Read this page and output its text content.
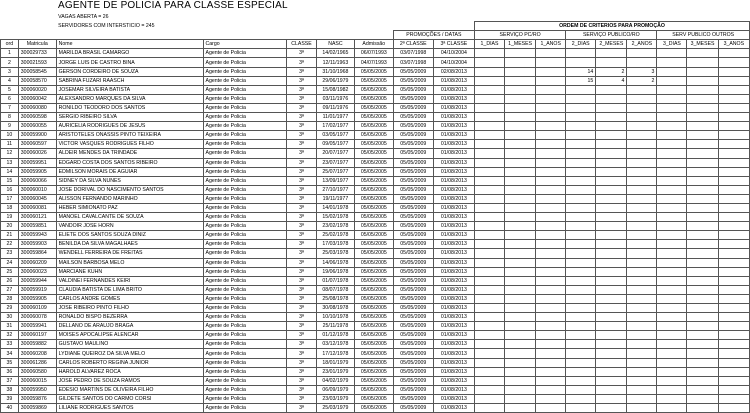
AGENTE DE POLICIA PARA CLASSE ESPECIAL
		VAGAS ABERTA = 26															
		SERVIDORES COM INTERSTICIO = 245							ORDEM DE CRITERIOS PARA PROMOÇÃO								
							PROMOÇÕES / DATAS		SERVIÇO PC/RO			SERVIÇO PUBLICO/RO			SERV PUBLICO OUTROS		
ord	Matricula	Nome	Cargo	CLASSE	NASC	Admissão	2ª CLASSE	3ª CLASSE	1_DIAS	1_MESES	1_ANOS	2_DIAS	2_MESES	2_ANOS	3_DIAS	3_MESES	3_ANOS
1	300029733	MARILDA BRASIL CAMARGO	Agente de Policia	3ª	14/02/1965	06/07/1993	03/07/1998	04/10/2004									
2	300021593	JORGE LUIS DE CASTRO BINA	Agente de Policia	3ª	12/11/1963	04/07/1993	03/07/1998	04/10/2004									
3	300058545	GERSON CORDEIRO DE SOUZA	Agente de Policia	3ª	31/10/1968	05/05/2005	05/05/2009	02/08/2013				14	2	3			
4	300058570	SABRINA FUZARI RAASCH	Agente de Policia	3ª	29/06/1979	05/05/2005	05/05/2009	01/08/2013				15	4	2			
5	300060020	JOSEMAR SILVEIRA BATISTA	Agente de Policia	3ª	15/08/1982	05/05/2005	05/05/2009	01/08/2013									
6	300060042	ALEXSANDRO MARQUES DA SILVA	Agente de Policia	3ª	03/11/1976	05/05/2005	05/05/2009	01/08/2013									
7	300060080	RONILDO TEODORO DOS SANTOS	Agente de Policia	3ª	09/11/1976	05/05/2005	05/05/2009	01/08/2013									
8	300060598	SERGIO RIBEIRO SILVA	Agente de Policia	3ª	11/01/1977	05/05/2005	05/05/2009	01/08/2013									
9	300060055	AURICELIA RODRIGUES DE JESUS	Agente de Policia	3ª	17/02/1977	05/05/2005	05/05/2009	01/08/2013									
10	300059900	ARISTOTELES ONASSIS PINTO TEIXEIRA	Agente de Policia	3ª	03/05/1977	05/05/2005	05/05/2009	01/08/2013									
11	300060597	VICTOR VASQUES RODRIGUES FILHO	Agente de Policia	3ª	09/05/1977	05/05/2005	05/05/2009	01/08/2013									
12	300060026	ALDEIR MENDES DA TRINDADE	Agente de Policia	3ª	20/07/1977	05/05/2005	05/05/2009	01/08/2013									
13	300059951	EDGARD COSTA DOS SANTOS RIBEIRO	Agente de Policia	3ª	23/07/1977	05/05/2005	05/05/2009	01/08/2013									
14	300059905	EDMILSON MORAIS DE AGUIAR	Agente de Policia	3ª	25/07/1977	05/05/2005	05/05/2009	01/08/2013									
15	300060066	SIDNEY DA SILVA NUNES	Agente de Policia	3ª	13/09/1977	05/05/2005	05/05/2009	01/08/2013									
16	300060010	JOSE DORIVAL DO NASCIMENTO SANTOS	Agente de Policia	3ª	27/10/1977	05/05/2005	05/05/2009	01/08/2013									
17	300060045	ALISSON FERNANDO MARINHO	Agente de Policia	3ª	19/11/1977	05/05/2005	05/05/2009	01/08/2013									
18	300060081	HEBER SIMIONATO PAZ	Agente de Policia	3ª	14/01/1978	05/05/2005	05/05/2009	01/08/2013									
19	300060121	MANOEL CAVALCANTE DE SOUZA	Agente de Policia	3ª	15/02/1978	05/05/2005	05/05/2009	01/08/2013									
20	300059851	VANDOIR JOSE HORN	Agente de Policia	3ª	23/02/1978	05/05/2005	05/05/2009	01/08/2013									
21	300059943	ELIETE DOS SANTOS SOUZA DINIZ	Agente de Policia	3ª	25/02/1978	05/05/2005	05/05/2009	01/08/2013									
22	300059903	BENILDA DA SILVA MAGALHAES	Agente de Policia	3ª	17/03/1978	05/05/2005	05/05/2009	01/08/2013									
23	300059864	WENDELL FERREIRA DE FREITAS	Agente de Policia	3ª	25/03/1978	05/05/2005	05/05/2009	01/08/2013									
24	300060209	MAILSON BARBOSA MELO	Agente de Policia	3ª	14/06/1978	05/05/2005	05/05/2009	01/08/2013									
25	300060023	MARCIANE KUHN	Agente de Policia	3ª	19/06/1978	05/05/2005	05/05/2009	01/08/2013									
26	300059944	VALDINEI FERNANDES KEIRI	Agente de Policia	3ª	01/07/1978	05/05/2005	05/05/2009	01/08/2013									
27	300059919	CLAUDIA BATISTA DE LIMA BRITO	Agente de Policia	3ª	08/07/1978	05/05/2005	05/05/2009	01/08/2013									
28	300059905	CARLOS ANDRE GOMES	Agente de Policia	3ª	25/08/1978	05/05/2005	05/05/2009	01/08/2013									
29	300060109	JOSE RIBEIRO PINTO FILHO	Agente de Policia	3ª	30/08/1978	05/05/2005	05/05/2009	01/08/2013									
30	300060078	RONALDO BISPO BEZERRA	Agente de Policia	3ª	10/10/1978	05/05/2005	05/05/2009	01/08/2013									
31	300059941	DELLANO DE ARAUJO BRAGA	Agente de Policia	3ª	25/11/1978	05/05/2005	05/05/2009	01/08/2013									
32	300060197	MOISES APOCALIPSE ALENCAR	Agente de Policia	3ª	01/12/1978	05/05/2005	05/05/2009	01/08/2013									
33	300059882	GUSTAVO MAULINO	Agente de Policia	3ª	03/12/1978	05/05/2005	05/05/2009	01/08/2013									
34	300060208	LYDIANE QUEIROZ DA SILVA MELO	Agente de Policia	3ª	17/12/1978	05/05/2005	05/05/2009	01/08/2013									
35	300061286	CARLOS ROBERTO REGINA JUNIOR	Agente de Policia	3ª	18/01/1979	05/05/2005	05/05/2009	01/08/2013									
36	300060580	HAROLD ALVAREZ ROCA	Agente de Policia	3ª	23/01/1979	05/05/2005	05/05/2009	01/08/2013									
37	300060015	JOSE PEDRO DE SOUZA RAMOS	Agente de Policia	3ª	04/02/1979	05/05/2005	05/05/2009	01/08/2013									
38	300059950	EDESIO MARTINS DE OLIVEIRA FILHO	Agente de Policia	3ª	06/09/1979	05/05/2005	05/05/2009	01/08/2013									
39	300059876	GILDETE SANTOS DO CARMO CORSI	Agente de Policia	3ª	23/03/1979	05/05/2005	05/05/2009	01/08/2013									
40	300059869	LILIANE RODRIGUES SANTOS	Agente de Policia	3ª	25/03/1979	05/05/2005	05/05/2009	01/08/2013									
